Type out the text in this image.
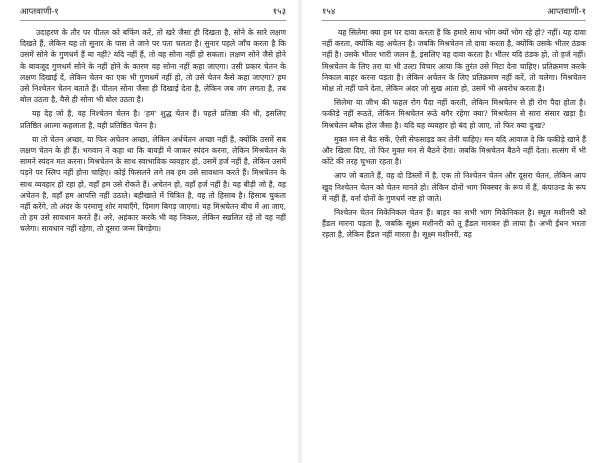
आप्तवाणी-१	१५३

उदाहरण के तौर पर पीतल को बफिंग करें, तो खरे जैसा ही दिखता है, सोने के सारे लक्षण दिखते हैं, लेकिन यह तो सुनार के पास ले जाने पर पता चलता है। सुनार पहले जाँच करता है कि उसमें सोने के गुणधर्म हैं या नहीं? यदि नहीं हैं, तो वह सोना नहीं हो सकता। लक्षण सोने जैसे होने के बावजूद गुणधर्म सोने के नहीं होने के कारण वह सोना नहीं कहा जाएगा। उसी प्रकार चेतन के लक्षण दिखाई दें, लेकिन चेतन का एक भी गुणधर्म नहीं हो, तो उसे चेतन कैसे कहा जाएगा? हम उसे निश्चेतन चेतन बताते हैं। पीतल सोना जैसा ही दिखाई देता है, लेकिन जब जंग लगता है, तब बोल उठता है, वैसे ही सोना भी बोल उठता है।

यह देह जो है, वह निश्चेतन चेतन है। 'हम' शुद्ध चेतन हैं। पहले प्रतिष्ठा की थी, इसलिए प्रतिष्ठित आत्मा कहलाता है, वही प्रतिष्ठित चेतन है।

या तो चेतन अच्छा, या फिर अचेतन अच्छा, लेकिन अर्धचेतन अच्छा नहीं है, क्योंकि उसमें सब लक्षण चेतन के ही हैं। भगवान ने कहा था कि बावड़ी में जाकर स्पंदन करना, लेकिन मिश्रचेतन के सामने स्पंदन मत करना। मिश्रचेतन के साथ स्वाभाविक व्यवहार हो, उसमें हर्ज नहीं है, लेकिन उसमें पड़ने पर स्लिप नहीं होना चाहिए। कोई फिसलने लगे तब हम उसे सावधान करते हैं। मिश्रचेतन के साथ व्यवहार हो रहा हो, वहाँ हम उसे रोकते हैं। अचेतन हो, वहाँ हर्ज नहीं है। यह बीड़ी जो है, वह अचेतन है, वहाँ हम आपत्ति नहीं उठाते। बहीखाते में चित्रित है, वह तो हिसाब है। हिसाब चुकता नहीं करेंगे, तो अंदर के परमाणु शोर मचाएँगे, दिमाग बिगड़ जाएगा। यह मिश्रचेतन बीच में आ जाए, तो हम उसे सावधान करते हैं। अरे, अहंकार करके भी वह निकल, लेकिन स्खलित रहे तो वह नहीं चलेगा। सावधान नहीं रहेगा, तो दूसरा जन्म बिगड़ेगा।

१५४	आप्तवाणी-१

यह सिलेमा क्या हम पर दावा करता है कि हमारे साथ भोग क्यों भोग रहे हो? नहीं। यह दावा नहीं करता, क्योंकि वह अचेतन है। जबकि मिश्रचेतन तो दावा करता है, क्योंकि उसके भीतर ठंडक नहीं है। उसके भीतर भारी जलन है, इसलिए वह दावा करता है। भीतर यदि ठंडक हो, तो हर्ज नहीं। मिश्रचेतन के लिए तरा या भी उल्टा विचार आया कि तुरंत उसे मिटा देना चाहिए। प्रतिक्रमण करके निकाल बाहर करना पड़ता है। लेकिन अचेतन के लिए प्रतिक्रमण नहीं करें, तो चलेगा। मिश्रचेतन मोक्ष तो नहीं पाने देता, लेकिन अंदर जो सुख आता हो, उसमें भी अवरोध करता है।

सिलेमा या जीभ की फहल रोग पैदा नहीं करती, लेकिन मिश्रचेतन से ही रोग पैदा होता है। फकीड़े नहीं रूठते, लेकिन मिश्रचेतन रूठे बगैर रहेगा क्या? मिश्रचेतन से सारा संसार खड़ा है। मिश्रचेतन ब्लैक होल जैसा है। यदि यह व्यवहार हो बंद हो जाए, तो फिर क्या दुःख?

मुक्त मन से बैठ सकें, ऐसी सेफसाइड कर लेनी चाहिए। मन यदि आवाज दे कि फकीड़े खाने हैं और खिला दिए, तो फिर मुक्त मन से बैठने देगा। जबकि मिश्रचेतन बैठने नहीं देता। सत्संग में भी कोंटे की तरह चुभता रहता है।

आप जो बताते हैं, वह दो डिस्लों में है, एक तो निश्चेतन चेतन और दूसरा चेतन, लेकिन आप खुद निश्चेतन चेतन को चेतन मानते हो। लेकिन दोनों भाग मिक्स्चर के रूप में हैं, कंपाउन्ड के रूप में नहीं हैं, वर्ना दोनों के गुणधर्म नष्ट हो जाते।

निश्चेतन चेतन मिकेनिकल चेतन हैं। बाहर का सभी भाग मिकेनिकल है। स्थूल मशीनरी को हैंडल मारना पड़ता है, जबकि सूक्ष्म मशीनरी को तू हैंडल मारकर ही लाया है। अभी ईंधन भरता रहता है, लेकिन हैंडल नहीं मारता है। सूक्ष्म मशीनरी, वह
